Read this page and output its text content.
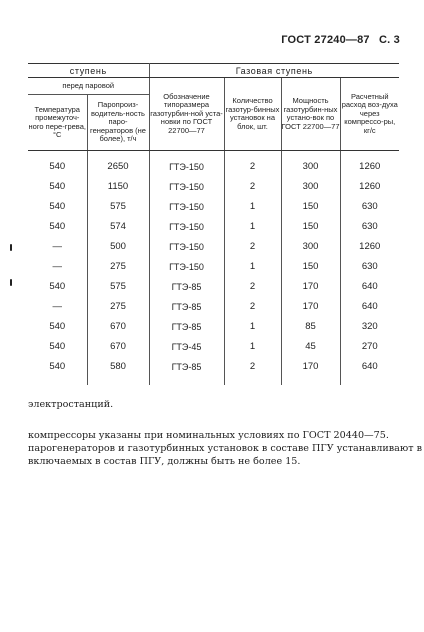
ГОСТ 27240—87 С. 3
ступень		Газовая ступень			
перед паровой		Обозначение типоразмера газотурбин-ной уста-новки по ГОСТ 22700—77	Количество газотур-бинных установок на блок, шт.	Мощность газотурбин-ных устано-вок по ГОСТ 22700—77	Расчетный расход воз-духа через компрессо-ры, кг/с
Температура промежуточ-ного пере-грева, °С	Паропроиз-водитель-ность паро-генераторов (не более), т/ч				

540	2650	ГТЭ-150	2	300	1260
540	1150	ГТЭ-150	2	300	1260
540	575	ГТЭ-150	1	150	630
540	574	ГТЭ-150	1	150	630
—	500	ГТЭ-150	2	300	1260
—	275	ГТЭ-150	1	150	630
540	575	ГТЭ-85	2	170	640
—	275	ГТЭ-85	2	170	640
540	670	ГТЭ-85	1	85	320
540	670	ГТЭ-45	1	45	270
540	580	ГТЭ-85	2	170	640

электростанций.
компрессоры указаны при номинальных условиях по ГОСТ 20440—75.
парогенераторов и газотурбинных установок в составе ПГУ устанавливают в
включаемых в состав ПГУ, должны быть не более 15.
